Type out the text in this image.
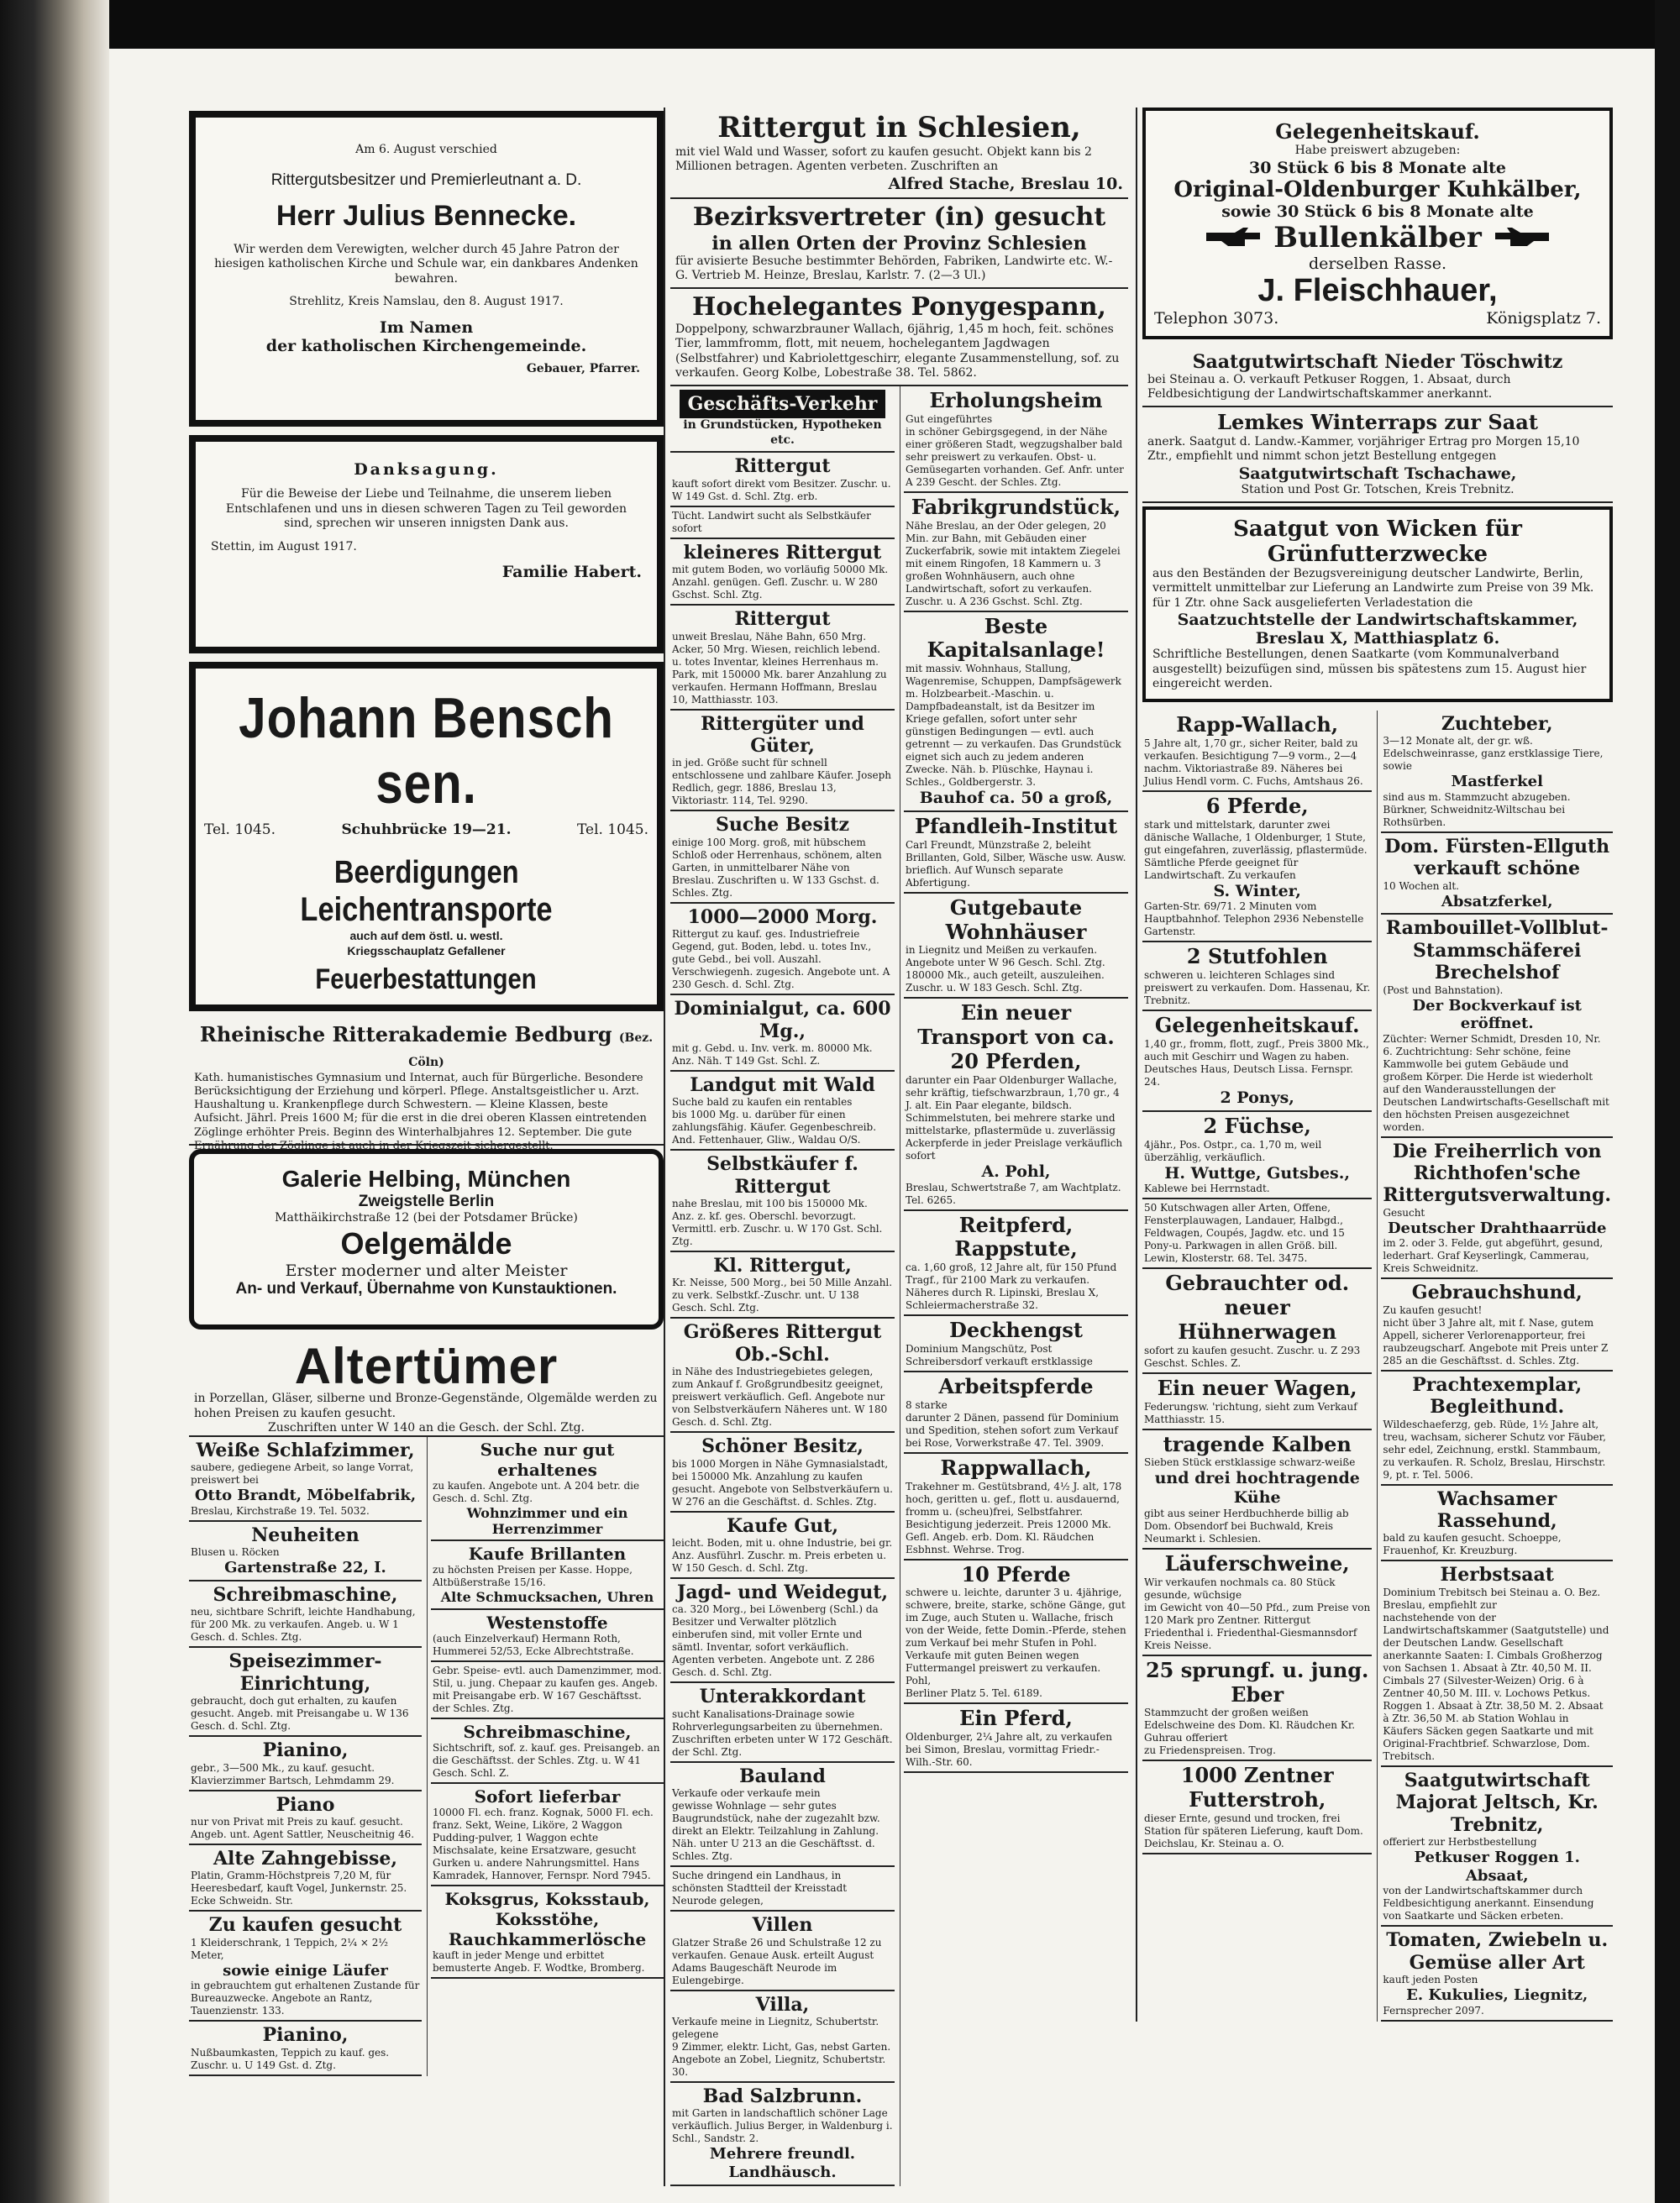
Am 6. August verschied
Rittergutsbesitzer und Premierleutnant a. D.
Herr Julius Bennecke.
Wir werden dem Verewigten, welcher durch 45 Jahre Patron der hiesigen katholischen Kirche und Schule war, ein dankbares Andenken bewahren.
Strehlitz, Kreis Namslau, den 8. August 1917.
Im Namen
der katholischen Kirchengemeinde.
Gebauer, Pfarrer.
Danksagung.
Für die Beweise der Liebe und Teilnahme, die unserem lieben Entschlafenen und uns in diesen schweren Tagen zu Teil geworden sind, sprechen wir unseren innigsten Dank aus.
Stettin, im August 1917.
Familie Habert.
Johann Bensch sen.
Tel. 1045.	Schuhbrücke 19—21.	Tel. 1045.
Beerdigungen Leichentransporte
auch auf dem östl. u. westl.
Kriegsschauplatz Gefallener
Feuerbestattungen
Rheinische Ritterakademie Bedburg (Bez. Cöln)
Kath. humanistisches Gymnasium und Internat, auch für Bürgerliche. Besondere Berücksichtigung der Erziehung und körperl. Pflege. Anstaltsgeistlicher u. Arzt. Haushaltung u. Krankenpflege durch Schwestern. — Kleine Klassen, beste Aufsicht. Jährl. Preis 1600 M; für die erst in die drei oberen Klassen eintretenden Zöglinge erhöhter Preis. Beginn des Winterhalbjahres 12. September. Die gute Ernährung der Zöglinge ist auch in der Kriegszeit sichergestellt.
Galerie Helbing, München
Zweigstelle Berlin
Matthäikirchstraße 12 (bei der Potsdamer Brücke)
Oelgemälde
Erster moderner und alter Meister
An- und Verkauf, Übernahme von Kunstauktionen.
Altertümer
in Porzellan, Gläser, silberne und Bronze-Gegenstände, Olgemälde werden zu hohen Preisen zu kaufen gesucht.
Zuschriften unter W 140 an die Gesch. der Schl. Ztg.
Weiße Schlafzimmer,
saubere, gediegene Arbeit, so lange Vorrat, preiswert bei
Otto Brandt, Möbelfabrik,
Breslau, Kirchstraße 19. Tel. 5032.
Neuheiten
Blusen u. Röcken
Gartenstraße 22, I.
Schreibmaschine,
neu, sichtbare Schrift, leichte Handhabung, für 200 Mk. zu verkaufen. Angeb. u. W 1 Gesch. d. Schles. Ztg.
Speisezimmer-Einrichtung,
gebraucht, doch gut erhalten, zu kaufen gesucht. Angeb. mit Preisangabe u. W 136 Gesch. d. Schl. Ztg.
Pianino,
gebr., 3—500 Mk., zu kauf. gesucht. Klavierzimmer Bartsch, Lehmdamm 29.
Piano
nur von Privat mit Preis zu kauf. gesucht. Angeb. unt. Agent Sattler, Neuscheitnig 46.
Alte Zahngebisse,
Platin, Gramm-Höchstpreis 7,20 M, für Heeresbedarf, kauft Vogel, Junkernstr. 25. Ecke Schweidn. Str.
Zu kaufen gesucht
1 Kleiderschrank, 1 Teppich, 2¼ × 2½ Meter,
sowie einige Läufer
in gebrauchtem gut erhaltenen Zustande für Bureauzwecke. Angebote an Rantz, Tauenzienstr. 133.
Pianino,
Nußbaumkasten, Teppich zu kauf. ges. Zuschr. u. U 149 Gst. d. Ztg.
Suche nur gut erhaltenes
zu kaufen. Angebote unt. A 204 betr. die Gesch. d. Schl. Ztg.
Wohnzimmer und ein Herrenzimmer
Kaufe Brillanten
zu höchsten Preisen per Kasse. Hoppe, Altbüßerstraße 15/16.
Alte Schmucksachen, Uhren
Westenstoffe
(auch Einzelverkauf) Hermann Roth, Hummerei 52/53, Ecke Albrechtstraße.
Gebr. Speise- evtl. auch Damenzimmer, mod. Stil, u. jung. Chepaar zu kaufen ges. Angeb. mit Preisangabe erb. W 167 Geschäftsst. der Schles. Ztg.
Schreibmaschine,
Sichtschrift, sof. z. kauf. ges. Preisangeb. an die Geschäftsst. der Schles. Ztg. u. W 41 Gesch. Schl. Z.
Sofort lieferbar
10000 Fl. ech. franz. Kognak, 5000 Fl. ech. franz. Sekt, Weine, Liköre, 2 Waggon Pudding-pulver, 1 Waggon echte Mischsalate, keine Ersatzware, gesucht Gurken u. andere Nahrungsmittel. Hans Kamradek, Hannover, Fernspr. Nord 7945.
Koksgrus, Koksstaub, Koksstöhe, Rauchkammerlösche
kauft in jeder Menge und erbittet bemusterte Angeb. F. Wodtke, Bromberg.
Rittergut in Schlesien,
mit viel Wald und Wasser, sofort zu kaufen gesucht. Objekt kann bis 2 Millionen betragen. Agenten verbeten. Zuschriften an
Alfred Stache, Breslau 10.
Bezirksvertreter (in) gesucht
in allen Orten der Provinz Schlesien
für avisierte Besuche bestimmter Behörden, Fabriken, Landwirte etc. W.-G. Vertrieb M. Heinze, Breslau, Karlstr. 7. (2—3 Ul.)
Hochelegantes Ponygespann,
Doppelpony, schwarzbrauner Wallach, 6jährig, 1,45 m hoch, feit. schönes Tier, lammfromm, flott, mit neuem, hochelegantem Jagdwagen (Selbstfahrer) und Kabriolettgeschirr, elegante Zusammenstellung, sof. zu verkaufen. Georg Kolbe, Lobestraße 38. Tel. 5862.
Geschäfts-Verkehr
in Grundstücken, Hypotheken etc.
Rittergut
kauft sofort direkt vom Besitzer. Zuschr. u. W 149 Gst. d. Schl. Ztg. erb.
Tücht. Landwirt sucht als Selbstkäufer sofort
kleineres Rittergut
mit gutem Boden, wo vorläufig 50000 Mk. Anzahl. genügen. Gefl. Zuschr. u. W 280 Gschst. Schl. Ztg.
Rittergut
unweit Breslau, Nähe Bahn, 650 Mrg. Acker, 50 Mrg. Wiesen, reichlich lebend. u. totes Inventar, kleines Herrenhaus m. Park, mit 150000 Mk. barer Anzahlung zu verkaufen. Hermann Hoffmann, Breslau 10, Matthiasstr. 103.
Rittergüter und Güter,
in jed. Größe sucht für schnell entschlossene und zahlbare Käufer. Joseph Redlich, gegr. 1886, Breslau 13, Viktoriastr. 114, Tel. 9290.
Suche Besitz
einige 100 Morg. groß, mit hübschem Schloß oder Herrenhaus, schönem, alten Garten, in unmittelbarer Nähe von Breslau. Zuschriften u. W 133 Gschst. d. Schles. Ztg.
1000—2000 Morg.
Rittergut zu kauf. ges. Industriefreie Gegend, gut. Boden, lebd. u. totes Inv., gute Gebd., bei voll. Auszahl. Verschwiegenh. zugesich. Angebote unt. A 230 Gesch. d. Schl. Ztg.
Dominialgut, ca. 600 Mg.,
mit g. Gebd. u. Inv. verk. m. 80000 Mk. Anz. Näh. T 149 Gst. Schl. Z.
Landgut mit Wald
Suche bald zu kaufen ein rentables
bis 1000 Mg. u. darüber für einen zahlungsfähig. Käufer. Gegenbeschreib. And. Fettenhauer, Gliw., Waldau O/S.
Selbstkäufer f. Rittergut
nahe Breslau, mit 100 bis 150000 Mk. Anz. z. kf. ges. Oberschl. bevorzugt. Vermittl. erb. Zuschr. u. W 170 Gst. Schl. Ztg.
Kl. Rittergut,
Kr. Neisse, 500 Morg., bei 50 Mille Anzahl. zu verk. Selbstkf.-Zuschr. unt. U 138 Gesch. Schl. Ztg.
Größeres Rittergut Ob.-Schl.
in Nähe des Industriegebietes gelegen, zum Ankauf f. Großgrundbesitz geeignet, preiswert verkäuflich. Gefl. Angebote nur von Selbstverkäufern Näheres unt. W 180 Gesch. d. Schl. Ztg.
Schöner Besitz,
bis 1000 Morgen in Nähe Gymnasialstadt, bei 150000 Mk. Anzahlung zu kaufen gesucht. Angebote von Selbstverkäufern u. W 276 an die Geschäftst. d. Schles. Ztg.
Kaufe Gut,
leicht. Boden, mit u. ohne Industrie, bei gr. Anz. Ausführl. Zuschr. m. Preis erbeten u. W 150 Gesch. d. Schl. Ztg.
Jagd- und Weidegut,
ca. 320 Morg., bei Löwenberg (Schl.) da Besitzer und Verwalter plötzlich einberufen sind, mit voller Ernte und sämtl. Inventar, sofort verkäuflich. Agenten verbeten. Angebote unt. Z 286 Gesch. d. Schl. Ztg.
Unterakkordant
sucht Kanalisations-Drainage sowie Rohrverlegungsarbeiten zu übernehmen. Zuschriften erbeten unter W 172 Geschäft. der Schl. Ztg.
Bauland
Verkaufe oder verkaufe mein
gewisse Wohnlage — sehr gutes Baugrundstück, nahe der zugezahlt bzw. direkt an Elektr. Teilzahlung in Zahlung. Näh. unter U 213 an die Geschäftsst. d. Schles. Ztg.
Suche dringend ein Landhaus, in schönsten Stadtteil der Kreisstadt Neurode gelegen,
Villen
Glatzer Straße 26 und Schulstraße 12 zu verkaufen. Genaue Ausk. erteilt August Adams Baugeschäft Neurode im Eulengebirge.
Villa,
Verkaufe meine in Liegnitz, Schubertstr. gelegene
9 Zimmer, elektr. Licht, Gas, nebst Garten. Angebote an Zobel, Liegnitz, Schubertstr. 30.
Bad Salzbrunn.
mit Garten in landschaftlich schöner Lage verkäuflich. Julius Berger, in Waldenburg i. Schl., Sandstr. 2.
Mehrere freundl. Landhäusch.
Erholungsheim
Gut eingeführtes
in schöner Gebirgsgegend, in der Nähe einer größeren Stadt, wegzugshalber bald sehr preiswert zu verkaufen. Obst- u. Gemüsegarten vorhanden. Gef. Anfr. unter A 239 Gescht. der Schles. Ztg.
Fabrikgrundstück,
Nähe Breslau, an der Oder gelegen, 20 Min. zur Bahn, mit Gebäuden einer Zuckerfabrik, sowie mit intaktem Ziegelei mit einem Ringofen, 18 Kammern u. 3 großen Wohnhäusern, auch ohne Landwirtschaft, sofort zu verkaufen. Zuschr. u. A 236 Gschst. Schl. Ztg.
Beste Kapitalsanlage!
mit massiv. Wohnhaus, Stallung, Wagenremise, Schuppen, Dampfsägewerk m. Holzbearbeit.-Maschin. u. Dampfbadeanstalt, ist da Besitzer im Kriege gefallen, sofort unter sehr günstigen Bedingungen — evtl. auch getrennt — zu verkaufen. Das Grundstück eignet sich auch zu jedem anderen Zwecke. Näh. b. Plüschke, Haynau i. Schles., Goldbergerstr. 3.
Bauhof ca. 50 a groß,
Pfandleih-Institut
Carl Freundt, Münzstraße 2, beleiht Brillanten, Gold, Silber, Wäsche usw. Ausw. brieflich. Auf Wunsch separate Abfertigung.
Gutgebaute Wohnhäuser
in Liegnitz und Meißen zu verkaufen. Angebote unter W 96 Gesch. Schl. Ztg. 180000 Mk., auch geteilt, auszuleihen. Zuschr. u. W 183 Gesch. Schl. Ztg.
Ein neuer Transport von ca. 20 Pferden,
darunter ein Paar Oldenburger Wallache, sehr kräftig, tiefschwarzbraun, 1,70 gr., 4 J. alt. Ein Paar elegante, bildsch. Schimmelstuten, bei mehrere starke und mittelstarke, pflastermüde u. zuverlässig Ackerpferde in jeder Preislage verkäuflich sofort
A. Pohl,
Breslau, Schwertstraße 7, am Wachtplatz. Tel. 6265.
Reitpferd, Rappstute,
ca. 1,60 groß, 12 Jahre alt, für 150 Pfund Tragf., für 2100 Mark zu verkaufen. Näheres durch R. Lipinski, Breslau X, Schleiermacherstraße 32.
Deckhengst
Dominium Mangschütz, Post Schreibersdorf verkauft erstklassige
Arbeitspferde
8 starke
darunter 2 Dänen, passend für Dominium und Spedition, stehen sofort zum Verkauf bei Rose, Vorwerkstraße 47. Tel. 3909.
Rappwallach,
Trakehner m. Gestütsbrand, 4½ J. alt, 178 hoch, geritten u. gef., flott u. ausdauernd, fromm u. (scheu)frei, Selbstfahrer. Besichtigung jederzeit. Preis 12000 Mk. Gefl. Angeb. erb. Dom. Kl. Räudchen Esbhnst. Wehrse. Trog.
10 Pferde
schwere u. leichte, darunter 3 u. 4jährige, schwere, breite, starke, schöne Gänge, gut im Zuge, auch Stuten u. Wallache, frisch von der Weide, fette Domin.-Pferde, stehen zum Verkauf bei mehr Stufen in Pohl. Verkaufe mit guten Beinen wegen Futtermangel preiswert zu verkaufen. Pohl,
Berliner Platz 5. Tel. 6189.
Ein Pferd,
Oldenburger, 2¼ Jahre alt, zu verkaufen bei Simon, Breslau, vormittag Friedr.-Wilh.-Str. 60.
Gelegenheitskauf.
Habe preiswert abzugeben:
30 Stück 6 bis 8 Monate alte
Original-Oldenburger Kuhkälber,
sowie 30 Stück 6 bis 8 Monate alte
Bullenkälber
derselben Rasse.
J. Fleischhauer,
Telephon 3073.	Königsplatz 7.
Saatgutwirtschaft Nieder Töschwitz
bei Steinau a. O. verkauft Petkuser Roggen, 1. Absaat, durch Feldbesichtigung der Landwirtschaftskammer anerkannt.
Lemkes Winterraps zur Saat
anerk. Saatgut d. Landw.-Kammer, vorjähriger Ertrag pro Morgen 15,10 Ztr., empfiehlt und nimmt schon jetzt Bestellung entgegen
Saatgutwirtschaft Tschachawe,
Station und Post Gr. Totschen, Kreis Trebnitz.
Saatgut von Wicken für Grünfutterzwecke
aus den Beständen der Bezugsvereinigung deutscher Landwirte, Berlin, vermittelt unmittelbar zur Lieferung an Landwirte zum Preise von 39 Mk. für 1 Ztr. ohne Sack ausgelieferten Verladestation die
Saatzuchtstelle der Landwirtschaftskammer,
Breslau X, Matthiasplatz 6.
Schriftliche Bestellungen, denen Saatkarte (vom Kommunalverband ausgestellt) beizufügen sind, müssen bis spätestens zum 15. August hier eingereicht werden.
Rapp-Wallach,
5 Jahre alt, 1,70 gr., sicher Reiter, bald zu verkaufen. Besichtigung 7—9 vorm., 2—4 nachm. Viktoriastraße 89. Näheres bei Julius Hendl vorm. C. Fuchs, Amtshaus 26.
6 Pferde,
stark und mittelstark, darunter zwei dänische Wallache, 1 Oldenburger, 1 Stute, gut eingefahren, zuverlässig, pflastermüde. Sämtliche Pferde geeignet für Landwirtschaft. Zu verkaufen
S. Winter,
Garten-Str. 69/71. 2 Minuten vom Hauptbahnhof. Telephon 2936 Nebenstelle Gartenstr.
2 Stutfohlen
schweren u. leichteren Schlages sind preiswert zu verkaufen. Dom. Hassenau, Kr. Trebnitz.
Gelegenheitskauf.
1,40 gr., fromm, flott, zugf., Preis 3800 Mk., auch mit Geschirr und Wagen zu haben. Deutsches Haus, Deutsch Lissa. Fernspr. 24.
2 Ponys,
2 Füchse,
4jähr., Pos. Ostpr., ca. 1,70 m, weil überzählig, verkäuflich.
H. Wuttge, Gutsbes.,
Kablewe bei Herrnstadt.
50 Kutschwagen aller Arten, Offene, Fensterplauwagen, Landauer, Halbgd., Feldwagen, Coupés, Jagdw. etc. und 15 Pony-u. Parkwagen in allen Größ. bill. Lewin, Klosterstr. 68. Tel. 3475.
Gebrauchter od. neuer Hühnerwagen
sofort zu kaufen gesucht. Zuschr. u. Z 293 Geschst. Schles. Z.
Ein neuer Wagen,
Federungsw. 'richtung, sieht zum Verkauf Matthiasstr. 15.
tragende Kalben
Sieben Stück erstklassige schwarz-weiße
und drei hochtragende Kühe
gibt aus seiner Herdbuchherde billig ab Dom. Obsendorf bei Buchwald, Kreis Neumarkt i. Schlesien.
Läuferschweine,
Wir verkaufen nochmals ca. 80 Stück gesunde, wüchsige
im Gewicht von 40—50 Pfd., zum Preise von 120 Mark pro Zentner. Rittergut Friedenthal i. Friedenthal-Giesmannsdorf Kreis Neisse.
25 sprungf. u. jung. Eber
Stammzucht der großen weißen Edelschweine des Dom. Kl. Räudchen Kr. Guhrau offeriert
zu Friedenspreisen. Trog.
1000 Zentner Futterstroh,
dieser Ernte, gesund und trocken, frei Station für späteren Lieferung, kauft Dom. Deichslau, Kr. Steinau a. O.
Zuchteber,
3—12 Monate alt, der gr. wß. Edelschweinrasse, ganz erstklassige Tiere, sowie
Mastferkel
sind aus m. Stammzucht abzugeben. Bürkner, Schweidnitz-Wiltschau bei Rothsürben.
Dom. Fürsten-Ellguth verkauft schöne
10 Wochen alt.
Absatzferkel,
Rambouillet-Vollblut-Stammschäferei Brechelshof
(Post und Bahnstation).
Der Bockverkauf ist eröffnet.
Züchter: Werner Schmidt, Dresden 10, Nr. 6. Zuchtrichtung: Sehr schöne, feine Kammwolle bei gutem Gebäude und großem Körper. Die Herde ist wiederholt auf den Wanderausstellungen der Deutschen Landwirtschafts-Gesellschaft mit den höchsten Preisen ausgezeichnet worden.
Die Freiherrlich von Richthofen'sche Rittergutsverwaltung.
Gesucht
Deutscher Drahthaarrüde
im 2. oder 3. Felde, gut abgeführt, gesund, lederhart. Graf Keyserlingk, Cammerau, Kreis Schweidnitz.
Gebrauchshund,
Zu kaufen gesucht!
nicht über 3 Jahre alt, mit f. Nase, gutem Appell, sicherer Verlorenapporteur, frei raubzeugscharf. Angebote mit Preis unter Z 285 an die Geschäftsst. d. Schles. Ztg.
Prachtexemplar, Begleithund.
Wildeschaeferzg, geb. Rüde, 1½ Jahre alt, treu, wachsam, sicherer Schutz vor Fäuber, sehr edel, Zeichnung, erstkl. Stammbaum, zu verkaufen. R. Scholz, Breslau, Hirschstr. 9, pt. r. Tel. 5006.
Wachsamer Rassehund,
bald zu kaufen gesucht. Schoeppe, Frauenhof, Kr. Kreuzburg.
Herbstsaat
Dominium Trebitsch bei Steinau a. O. Bez. Breslau, empfiehlt zur
nachstehende von der Landwirtschaftskammer (Saatgutstelle) und der Deutschen Landw. Gesellschaft anerkannte Saaten: I. Cimbals Großherzog von Sachsen 1. Absaat à Ztr. 40,50 M. II. Cimbals 27 (Silvester-Weizen) Orig. 6 à Zentner 40,50 M. III. v. Lochows Petkus. Roggen 1. Absaat à Ztr. 38,50 M. 2. Absaat à Ztr. 36,50 M. ab Station Wohlau in Käufers Säcken gegen Saatkarte und mit Original-Frachtbrief. Schwarzlose, Dom. Trebitsch.
Saatgutwirtschaft Majorat Jeltsch, Kr. Trebnitz,
offeriert zur Herbstbestellung
Petkuser Roggen 1. Absaat,
von der Landwirtschaftskammer durch Feldbesichtigung anerkannt. Einsendung von Saatkarte und Säcken erbeten.
Tomaten, Zwiebeln u. Gemüse aller Art
kauft jeden Posten
E. Kukulies, Liegnitz,
Fernsprecher 2097.
